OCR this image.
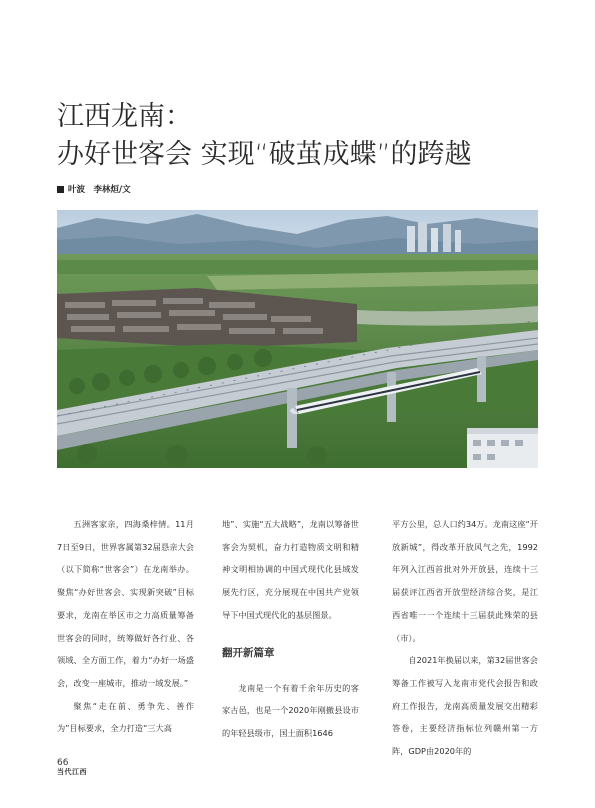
江西龙南：
办好世客会 实现“破茧成蝶”的跨越
叶波　李林烜/文

五洲客家亲，四海桑梓情。11月7日至9日，世界客属第32届恳亲大会（以下简称“世客会”）在龙南举办。聚焦“办好世客会、实现新突破”目标要求，龙南在举区市之力高质量筹备世客会的同时，统筹做好各行业、各领域、全方面工作，着力“办好一场盛会，改变一座城市，推动一域发展。”

聚焦“走在前、勇争先、善作为”目标要求，全力打造“三大高

地”、实施“五大战略”，龙南以筹备世客会为契机，奋力打造物质文明和精神文明相协调的中国式现代化县域发展先行区，充分展现在中国共产党领导下中国式现代化的基层图景。

翻开新篇章

龙南是一个有着千余年历史的客家古邑，也是一个2020年刚撤县设市的年轻县级市，国土面积1646

平方公里，总人口约34万。龙南这座“开放新城”，得改革开放风气之先，1992年列入江西首批对外开放县，连续十三届获评江西省开放型经济综合奖，是江西省唯一一个连续十三届获此殊荣的县（市）。

自2021年换届以来，第32届世客会筹备工作被写入龙南市党代会报告和政府工作报告，龙南高质量发展交出精彩答卷，主要经济指标位列赣州第一方阵，GDP由2020年的

66
当代江西
